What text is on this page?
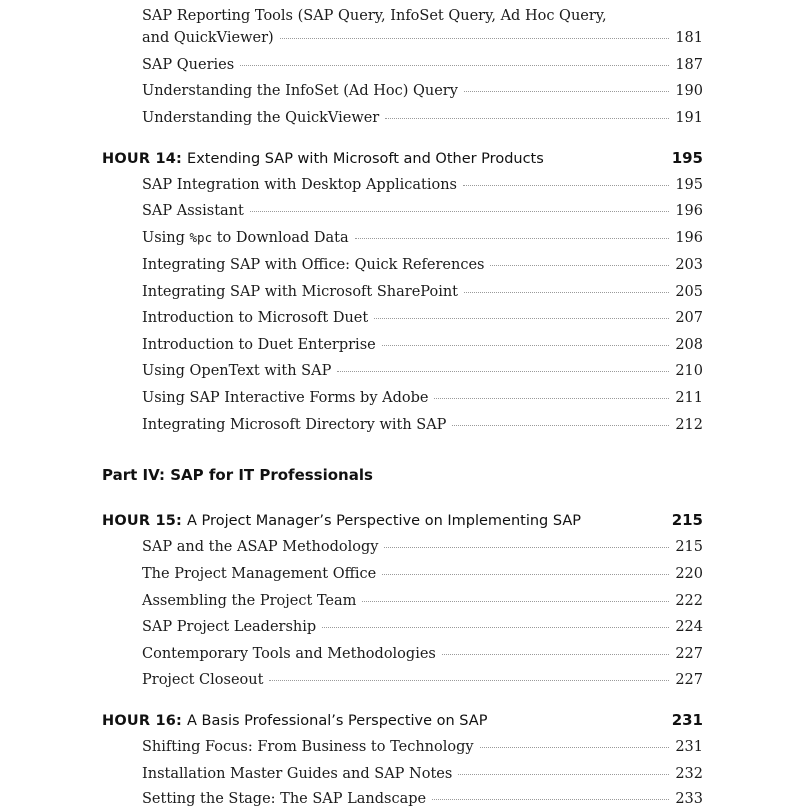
SAP Reporting Tools (SAP Query, InfoSet Query, Ad Hoc Query,
and QuickViewer)	181
SAP Queries	187
Understanding the InfoSet (Ad Hoc) Query	190
Understanding the QuickViewer	191
HOUR 14: Extending SAP with Microsoft and Other Products	195
SAP Integration with Desktop Applications	195
SAP Assistant	196
Using %pc to Download Data	196
Integrating SAP with Office: Quick References	203
Integrating SAP with Microsoft SharePoint	205
Introduction to Microsoft Duet	207
Introduction to Duet Enterprise	208
Using OpenText with SAP	210
Using SAP Interactive Forms by Adobe	211
Integrating Microsoft Directory with SAP	212
Part IV: SAP for IT Professionals
HOUR 15: A Project Manager’s Perspective on Implementing SAP	215
SAP and the ASAP Methodology	215
The Project Management Office	220
Assembling the Project Team	222
SAP Project Leadership	224
Contemporary Tools and Methodologies	227
Project Closeout	227
HOUR 16: A Basis Professional’s Perspective on SAP	231
Shifting Focus: From Business to Technology	231
Installation Master Guides and SAP Notes	232
Setting the Stage: The SAP Landscape	233
